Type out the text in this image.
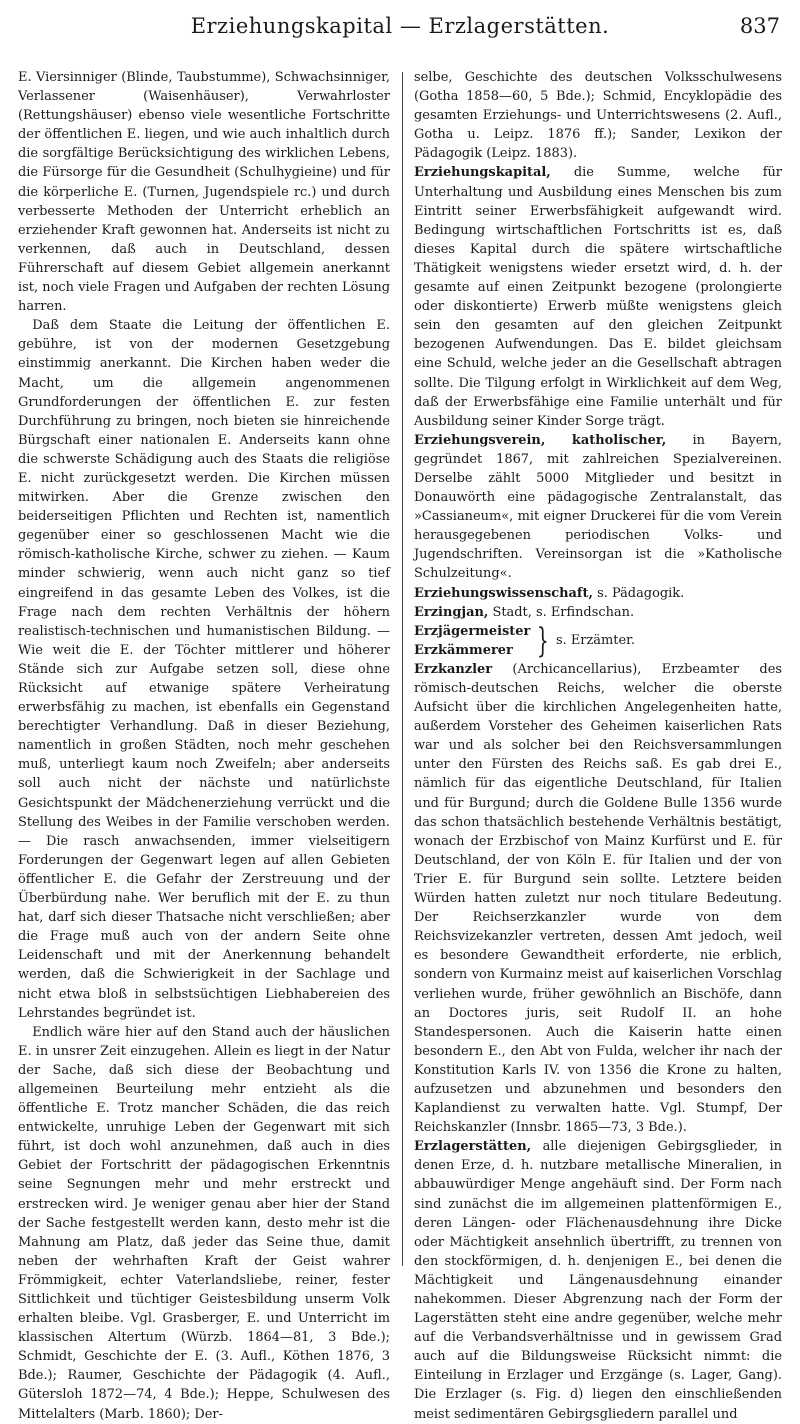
Erziehungskapital — Erzlagerstätten.	837

E. Viersinniger (Blinde, Taubstumme), Schwachsinniger, Verlassener (Waisenhäuser), Verwahrloster (Rettungshäuser) ebenso viele wesentliche Fortschritte der öffentlichen E. liegen, und wie auch inhaltlich durch die sorgfältige Berücksichtigung des wirklichen Lebens, die Fürsorge für die Gesundheit (Schulhygieine) und für die körperliche E. (Turnen, Jugendspiele rc.) und durch verbesserte Methoden der Unterricht erheblich an erziehender Kraft gewonnen hat. Anderseits ist nicht zu verkennen, daß auch in Deutschland, dessen Führerschaft auf diesem Gebiet allgemein anerkannt ist, noch viele Fragen und Aufgaben der rechten Lösung harren.

Daß dem Staate die Leitung der öffentlichen E. gebühre, ist von der modernen Gesetzgebung einstimmig anerkannt. Die Kirchen haben weder die Macht, um die allgemein angenommenen Grundforderungen der öffentlichen E. zur festen Durchführung zu bringen, noch bieten sie hinreichende Bürgschaft einer nationalen E. Anderseits kann ohne die schwerste Schädigung auch des Staats die religiöse E. nicht zurückgesetzt werden. Die Kirchen müssen mitwirken. Aber die Grenze zwischen den beiderseitigen Pflichten und Rechten ist, namentlich gegenüber einer so geschlossenen Macht wie die römisch-katholische Kirche, schwer zu ziehen. — Kaum minder schwierig, wenn auch nicht ganz so tief eingreifend in das gesamte Leben des Volkes, ist die Frage nach dem rechten Verhältnis der höhern realistisch-technischen und humanistischen Bildung. — Wie weit die E. der Töchter mittlerer und höherer Stände sich zur Aufgabe setzen soll, diese ohne Rücksicht auf etwanige spätere Verheiratung erwerbsfähig zu machen, ist ebenfalls ein Gegenstand berechtigter Verhandlung. Daß in dieser Beziehung, namentlich in großen Städten, noch mehr geschehen muß, unterliegt kaum noch Zweifeln; aber anderseits soll auch nicht der nächste und natürlichste Gesichtspunkt der Mädchenerziehung verrückt und die Stellung des Weibes in der Familie verschoben werden. — Die rasch anwachsenden, immer vielseitigern Forderungen der Gegenwart legen auf allen Gebieten öffentlicher E. die Gefahr der Zerstreuung und der Überbürdung nahe. Wer beruflich mit der E. zu thun hat, darf sich dieser Thatsache nicht verschließen; aber die Frage muß auch von der andern Seite ohne Leidenschaft und mit der Anerkennung behandelt werden, daß die Schwierigkeit in der Sachlage und nicht etwa bloß in selbstsüchtigen Liebhabereien des Lehrstandes begründet ist.

Endlich wäre hier auf den Stand auch der häuslichen E. in unsrer Zeit einzugehen. Allein es liegt in der Natur der Sache, daß sich diese der Beobachtung und allgemeinen Beurteilung mehr entzieht als die öffentliche E. Trotz mancher Schäden, die das reich entwickelte, unruhige Leben der Gegenwart mit sich führt, ist doch wohl anzunehmen, daß auch in dies Gebiet der Fortschritt der pädagogischen Erkenntnis seine Segnungen mehr und mehr erstreckt und erstrecken wird. Je weniger genau aber hier der Stand der Sache festgestellt werden kann, desto mehr ist die Mahnung am Platz, daß jeder das Seine thue, damit neben der wehrhaften Kraft der Geist wahrer Frömmigkeit, echter Vaterlandsliebe, reiner, fester Sittlichkeit und tüchtiger Geistesbildung unserm Volk erhalten bleibe. Vgl. Grasberger, E. und Unterricht im klassischen Altertum (Würzb. 1864—81, 3 Bde.); Schmidt, Geschichte der E. (3. Aufl., Köthen 1876, 3 Bde.); Raumer, Geschichte der Pädagogik (4. Aufl., Gütersloh 1872—74, 4 Bde.); Heppe, Schulwesen des Mittelalters (Marb. 1860); Der-

selbe, Geschichte des deutschen Volksschulwesens (Gotha 1858—60, 5 Bde.); Schmid, Encyklopädie des gesamten Erziehungs- und Unterrichtswesens (2. Aufl., Gotha u. Leipz. 1876 ff.); Sander, Lexikon der Pädagogik (Leipz. 1883).

Erziehungskapital, die Summe, welche für Unterhaltung und Ausbildung eines Menschen bis zum Eintritt seiner Erwerbsfähigkeit aufgewandt wird. Bedingung wirtschaftlichen Fortschritts ist es, daß dieses Kapital durch die spätere wirtschaftliche Thätigkeit wenigstens wieder ersetzt wird, d. h. der gesamte auf einen Zeitpunkt bezogene (prolongierte oder diskontierte) Erwerb müßte wenigstens gleich sein den gesamten auf den gleichen Zeitpunkt bezogenen Aufwendungen. Das E. bildet gleichsam eine Schuld, welche jeder an die Gesellschaft abtragen sollte. Die Tilgung erfolgt in Wirklichkeit auf dem Weg, daß der Erwerbsfähige eine Familie unterhält und für Ausbildung seiner Kinder Sorge trägt.

Erziehungsverein, katholischer, in Bayern, gegründet 1867, mit zahlreichen Spezialvereinen. Derselbe zählt 5000 Mitglieder und besitzt in Donauwörth eine pädagogische Zentralanstalt, das »Cassianeum«, mit eigner Druckerei für die vom Verein herausgegebenen periodischen Volks- und Jugendschriften. Vereinsorgan ist die »Katholische Schulzeitung«.

Erziehungswissenschaft, s. Pädagogik.

Erzingjan, Stadt, s. Erfindschan.

Erzjägermeister
Erzkämmerer } s. Erzämter.

Erzkanzler (Archicancellarius), Erzbeamter des römisch-deutschen Reichs, welcher die oberste Aufsicht über die kirchlichen Angelegenheiten hatte, außerdem Vorsteher des Geheimen kaiserlichen Rats war und als solcher bei den Reichsversammlungen unter den Fürsten des Reichs saß. Es gab drei E., nämlich für das eigentliche Deutschland, für Italien und für Burgund; durch die Goldene Bulle 1356 wurde das schon thatsächlich bestehende Verhältnis bestätigt, wonach der Erzbischof von Mainz Kurfürst und E. für Deutschland, der von Köln E. für Italien und der von Trier E. für Burgund sein sollte. Letztere beiden Würden hatten zuletzt nur noch titulare Bedeutung. Der Reichserzkanzler wurde von dem Reichsvizekanzler vertreten, dessen Amt jedoch, weil es besondere Gewandtheit erforderte, nie erblich, sondern von Kurmainz meist auf kaiserlichen Vorschlag verliehen wurde, früher gewöhnlich an Bischöfe, dann an Doctores juris, seit Rudolf II. an hohe Standespersonen. Auch die Kaiserin hatte einen besondern E., den Abt von Fulda, welcher ihr nach der Konstitution Karls IV. von 1356 die Krone zu halten, aufzusetzen und abzunehmen und besonders den Kaplandienst zu verwalten hatte. Vgl. Stumpf, Der Reichskanzler (Innsbr. 1865—73, 3 Bde.).

Erzlagerstätten, alle diejenigen Gebirgsglieder, in denen Erze, d. h. nutzbare metallische Mineralien, in abbauwürdiger Menge angehäuft sind. Der Form nach sind zunächst die im allgemeinen plattenförmigen E., deren Längen- oder Flächenausdehnung ihre Dicke oder Mächtigkeit ansehnlich übertrifft, zu trennen von den stockförmigen, d. h. denjenigen E., bei denen die Mächtigkeit und Längenausdehnung einander nahekommen. Dieser Abgrenzung nach der Form der Lagerstätten steht eine andre gegenüber, welche mehr auf die Verbandsverhältnisse und in gewissem Grad auch auf die Bildungsweise Rücksicht nimmt: die Einteilung in Erzlager und Erzgänge (s. Lager, Gang). Die Erzlager (s. Fig. d) liegen den einschließenden meist sedimentären Gebirgsgliedern parallel und
